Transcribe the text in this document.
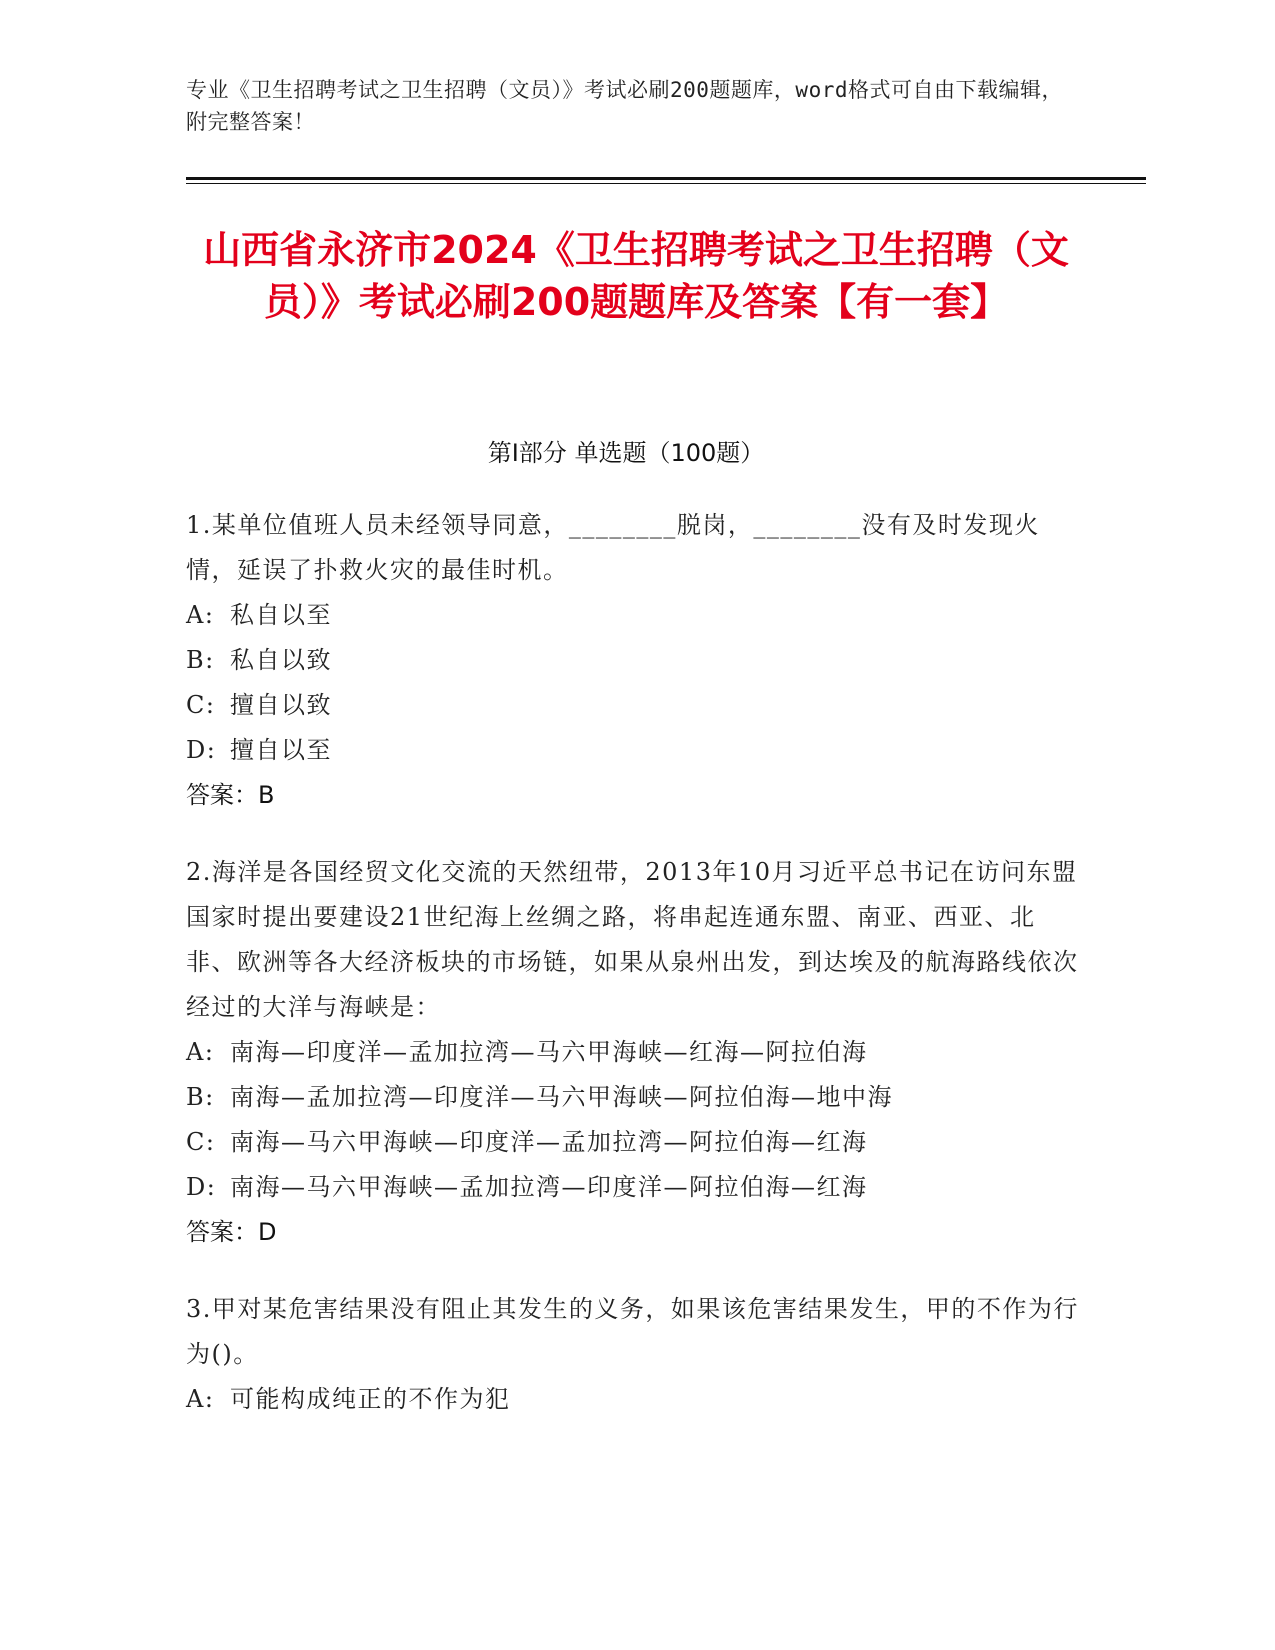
专业《卫生招聘考试之卫生招聘（文员）》考试必刷200题题库，word格式可自由下载编辑，附完整答案！
山西省永济市2024《卫生招聘考试之卫生招聘（文员）》考试必刷200题题库及答案【有一套】
第Ⅰ部分 单选题（100题）
1.某单位值班人员未经领导同意，________脱岗，________没有及时发现火情，延误了扑救火灾的最佳时机。
A: 私自以至
B: 私自以致
C: 擅自以致
D: 擅自以至
答案：B
2.海洋是各国经贸文化交流的天然纽带，2013年10月习近平总书记在访问东盟国家时提出要建设21世纪海上丝绸之路，将串起连通东盟、南亚、西亚、北非、欧洲等各大经济板块的市场链，如果从泉州出发，到达埃及的航海路线依次经过的大洋与海峡是：
A: 南海—印度洋—孟加拉湾—马六甲海峡—红海—阿拉伯海
B: 南海—孟加拉湾—印度洋—马六甲海峡—阿拉伯海—地中海
C: 南海—马六甲海峡—印度洋—孟加拉湾—阿拉伯海—红海
D: 南海—马六甲海峡—孟加拉湾—印度洋—阿拉伯海—红海
答案：D
3.甲对某危害结果没有阻止其发生的义务，如果该危害结果发生，甲的不作为行为()。
A: 可能构成纯正的不作为犯
